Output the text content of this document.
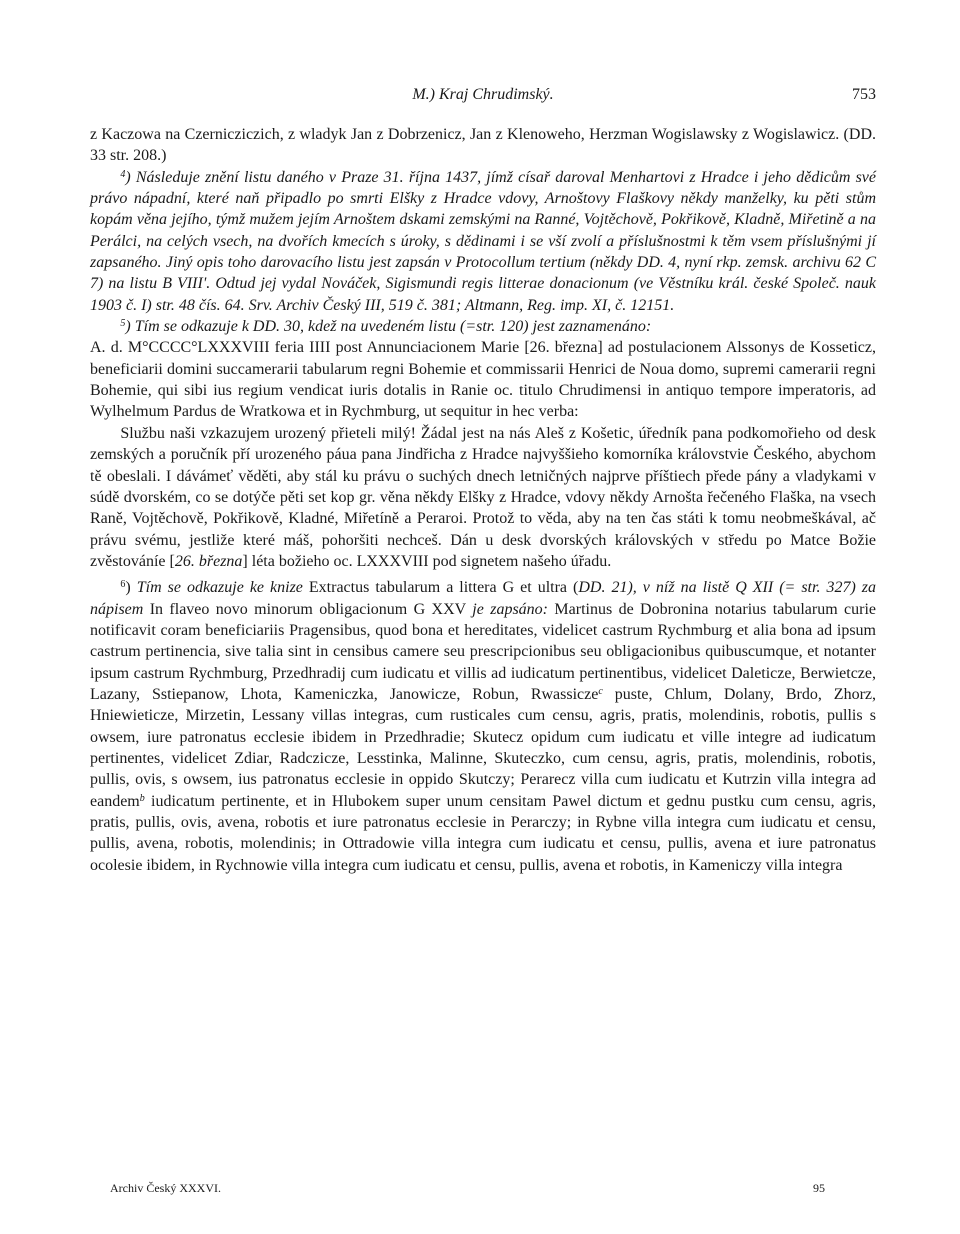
M.) Kraj Chrudimský.	753

z Kaczowa na Czernicziczich, z wladyk Jan z Dobrzenicz, Jan z Klenoweho, Herzman Wogislawsky z Wogislawicz. (DD. 33 str. 208.)

$^4$) Následuje znění listu daného v Praze 31. října 1437, jímž císař daroval Menhartovi z Hradce i jeho dědicům své právo nápadní, které naň připadlo po smrti Elšky z Hradce vdovy, Arnoštovy Flaškovy někdy manželky, ku pěti stům kopám věna jejího, týmž mužem jejím Arnoštem dskami zemskými na Ranné, Vojtěchově, Pokřikově, Kladně, Miřetině a na Perálci, na celých vsech, na dvořích kmecích s úroky, s dědinami i se vší zvolí a příslušnostmi k těm vsem příslušnými jí zapsaného. Jiný opis toho darovacího listu jest zapsán v Protocollum tertium (někdy DD. 4, nyní rkp. zemsk. archivu 62 C 7) na listu B VIII'. Odtud jej vydal Nováček, Sigismundi regis litterae donacionum (ve Věstníku král. české Společ. nauk 1903 č. I) str. 48 čís. 64. Srv. Archiv Český III, 519 č. 381; Altmann, Reg. imp. XI, č. 12151.

$^5$) Tím se odkazuje k DD. 30, kdež na uvedeném listu (=str. 120) jest zaznamenáno:

A. d. M°CCCC°LXXXVIII feria IIII post Annunciacionem Marie [26. března] ad postulacionem Alssonys de Kosseticz, beneficiarii domini succamerarii tabularum regni Bohemie et commissarii Henrici de Noua domo, supremi camerarii regni Bohemie, qui sibi ius regium vendicat iuris dotalis in Ranie oc. titulo Chrudimensi in antiquo tempore imperatoris, ad Wylhelmum Pardus de Wratkowa et in Rychmburg, ut sequitur in hec verba:

Službu naši vzkazujem urozený přieteli milý! Žádal jest na nás Aleš z Košetic, úředník pana podkomořieho od desk zemských a poručník pří urozeného páua pana Jindřicha z Hradce najvyššieho komorníka královstvie Českého, abychom tě obeslali. I dávámeť věděti, aby stál ku právu o suchých dnech letničných najprve příštiech přede pány a vladykami v súdě dvorském, co se dotýče pěti set kop gr. věna někdy Elšky z Hradce, vdovy někdy Arnošta řečeného Flaška, na vsech Raně, Vojtěchově, Pokřikově, Kladné, Miřetíně a Peraroi. Protož to věda, aby na ten čas státi k tomu neobmeškával, ač právu svému, jestliže které máš, pohoršiti nechceš. Dán u desk dvorských královských v středu po Matce Božie zvěstováníe [26. března] léta božieho oc. LXXXVIII pod signetem našeho úřadu.

$^6$) Tím se odkazuje ke knize Extractus tabularum a littera G et ultra (DD. 21), v níž na listě Q XII (= str. 327) za nápisem In flaveo novo minorum obligacionum G XXV je zapsáno: Martinus de Dobronina notarius tabularum curie notificavit coram beneficiariis Pragensibus, quod bona et hereditates, videlicet castrum Rychmburg et alia bona ad ipsum castrum pertinencia, sive talia sint in censibus camere seu prescripcionibus seu obligacionibus quibuscumque, et notanter ipsum castrum Rychmburg, Przedhradij cum iudicatu et villis ad iudicatum pertinentibus, videlicet Daleticze, Berwietcze, Lazany, Sstiepanow, Lhota, Kameniczka, Janowicze, Robun, Rwassicze$^c$ puste, Chlum, Dolany, Brdo, Zhorz, Hniewieticze, Mirzetin, Lessany villas integras, cum rusticales cum censu, agris, pratis, molendinis, robotis, pullis s owsem, iure patronatus ecclesie ibidem in Przedhradie; Skutecz opidum cum iudicatu et ville integre ad iudicatum pertinentes, videlicet Zdiar, Radczicze, Lesstinka, Malinne, Skuteczko, cum censu, agris, pratis, molendinis, robotis, pullis, ovis, s owsem, ius patronatus ecclesie in oppido Skutczy; Perarecz villa cum iudicatu et Kutrzin villa integra ad eandem$^b$ iudicatum pertinente, et in Hlubokem super unum censitam Pawel dictum et gednu pustku cum censu, agris, pratis, pullis, ovis, avena, robotis et iure patronatus ecclesie in Perarczy; in Rybne villa integra cum iudicatu et censu, pullis, avena, robotis, molendinis; in Ottradowie villa integra cum iudicatu et censu, pullis, avena et iure patronatus ocolesie ibidem, in Rychnowie villa integra cum iudicatu et censu, pullis, avena et robotis, in Kameniczy villa integra

Archiv Český XXXVI.	95
